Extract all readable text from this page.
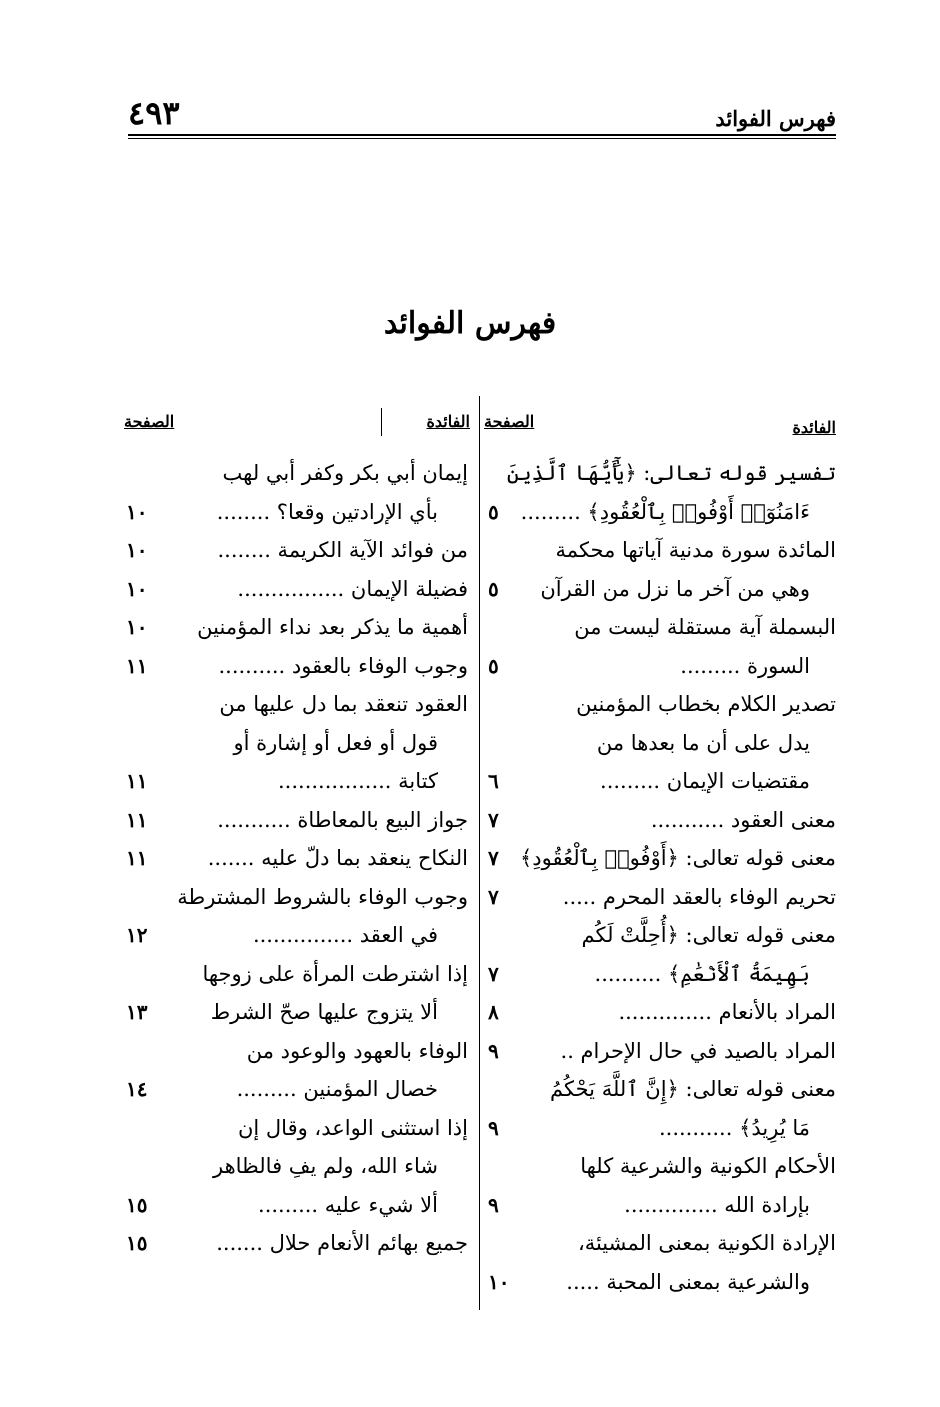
فهرس الفوائد
٤٩٣
فهرس الفوائد
الفائدة
الصفحة
تفسير قوله تعالى: ﴿يَٰٓأَيُّهَا ٱلَّذِينَ
ءَامَنُوٓا۟ أَوْفُوا۟ بِٱلْعُقُودِ﴾ .........
٥
المائدة سورة مدنية آياتها محكمة
وهي من آخر ما نزل من القرآن
٥
البسملة آية مستقلة ليست من
السورة .........
٥
تصدير الكلام بخطاب المؤمنين
يدل على أن ما بعدها من
مقتضيات الإيمان .........
٦
معنى العقود ...........
٧
معنى قوله تعالى: ﴿أَوْفُوا۟ بِٱلْعُقُودِ﴾
٧
تحريم الوفاء بالعقد المحرم .....
٧
معنى قوله تعالى: ﴿أُحِلَّتْ لَكُم
بَهِيمَةُ ٱلْأَنْعَٰمِ﴾ ..........
٧
المراد بالأنعام ..............
٨
المراد بالصيد في حال الإحرام ..
٩
معنى قوله تعالى: ﴿إِنَّ ٱللَّهَ يَحْكُمُ
مَا يُرِيدُ﴾ ...........
٩
الأحكام الكونية والشرعية كلها
بإرادة الله ..............
٩
الإرادة الكونية بمعنى المشيئة،
والشرعية بمعنى المحبة .....
١٠
الفائدة
الصفحة
إيمان أبي بكر وكفر أبي لهب
بأي الإرادتين وقعا؟ ........
١٠
من فوائد الآية الكريمة ........
١٠
فضيلة الإيمان ................
١٠
أهمية ما يذكر بعد نداء المؤمنين
١٠
وجوب الوفاء بالعقود ..........
١١
العقود تنعقد بما دل عليها من
قول أو فعل أو إشارة أو
كتابة .................
١١
جواز البيع بالمعاطاة ...........
١١
النكاح ينعقد بما دلّ عليه .......
١١
وجوب الوفاء بالشروط المشترطة
في العقد ...............
١٢
إذا اشترطت المرأة على زوجها
ألا يتزوج عليها صحّ الشرط
١٣
الوفاء بالعهود والوعود من
خصال المؤمنين .........
١٤
إذا استثنى الواعد، وقال إن
شاء الله، ولم يفِ فالظاهر
ألا شيء عليه .........
١٥
جميع بهائم الأنعام حلال .......
١٥
